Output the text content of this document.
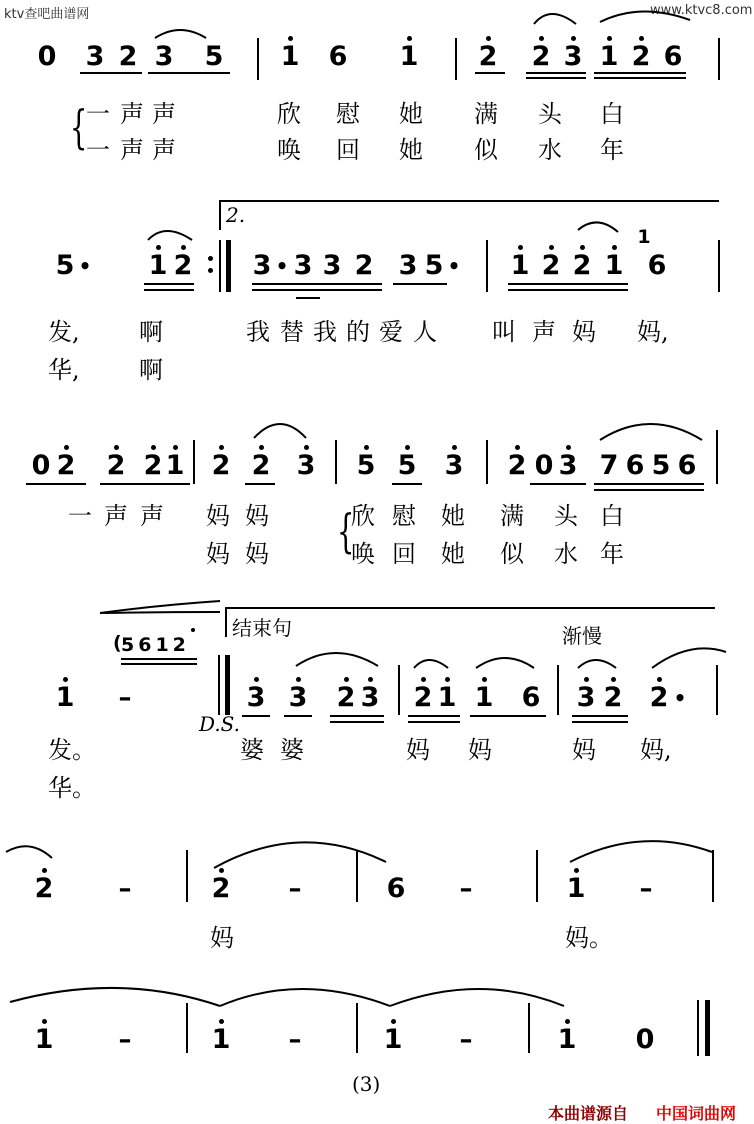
ktv查吧曲谱网	www.ktvc8.com
0 3 2 3 5 1 6 1 2 2 3 1 2 6
{
一 声 声	欣 慰 她 满 头 白
一 声 声	唤 回 她 似 水 年
2.
5 • 1 2 3 • 3 3 2 3 5 • 1 2 2 1 6
1
发, 啊	我 替 我 的 爱 人 叫 声 妈 妈,
华, 啊
0 2 2 2 1 2 2 3 5 5 3 2 0 3 7 6 5 6
{
一 声 声 妈 妈	欣 慰 她 满 头 白
妈 妈	唤 回 她 似 水 年
结束句	渐慢
( 5612
1 –
D.S.
3 3 2 3 2 1 1 6 3 2 2 •
发。	婆 婆	妈 妈	妈 妈,
华。
2	–	2 –	6 –	1 –
妈	妈。
1	–	1 –	1 –	1 0
(3)
本曲谱源自 中国词曲网
